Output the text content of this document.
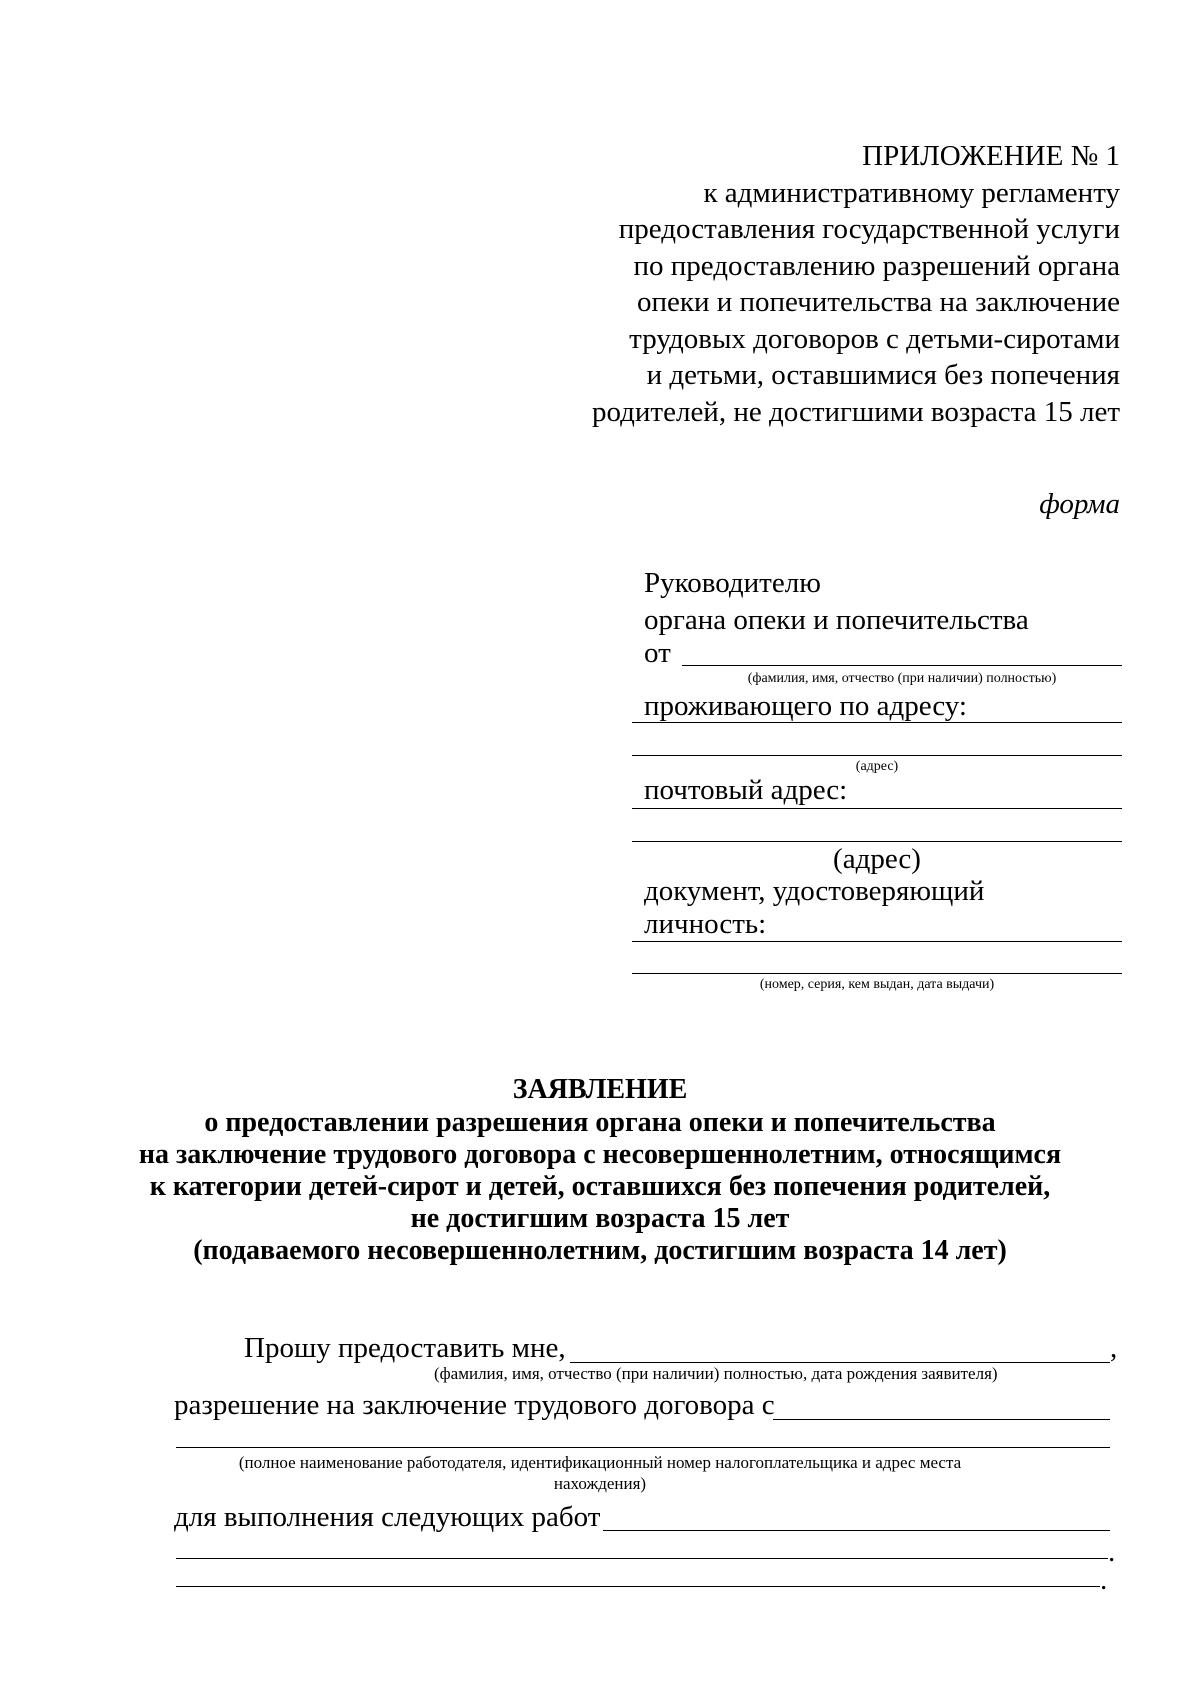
ПРИЛОЖЕНИЕ № 1
к административному регламенту
предоставления государственной услуги
по предоставлению разрешений органа
опеки и попечительства на заключение
трудовых договоров с детьми-сиротами
и детьми, оставшимися без попечения
родителей, не достигшими возраста 15 лет
форма
Руководителю
органа опеки и попечительства
от
(фамилия, имя, отчество (при наличии) полностью)
проживающего по адресу:
(адрес)
почтовый адрес:
(адрес)
документ, удостоверяющий
личность:
(номер, серия, кем выдан, дата выдачи)
ЗАЯВЛЕНИЕ
о предоставлении разрешения органа опеки и попечительства
на заключение трудового договора с несовершеннолетним, относящимся
к категории детей-сирот и детей, оставшихся без попечения родителей,
не достигшим возраста 15 лет
(подаваемого несовершеннолетним, достигшим возраста 14 лет)
Прошу предоставить мне,	,
(фамилия, имя, отчество (при наличии) полностью, дата рождения заявителя)
разрешение на заключение трудового договора с
(полное наименование работодателя, идентификационный номер налогоплательщика и адрес места
нахождения)
для выполнения следующих работ
.
.
